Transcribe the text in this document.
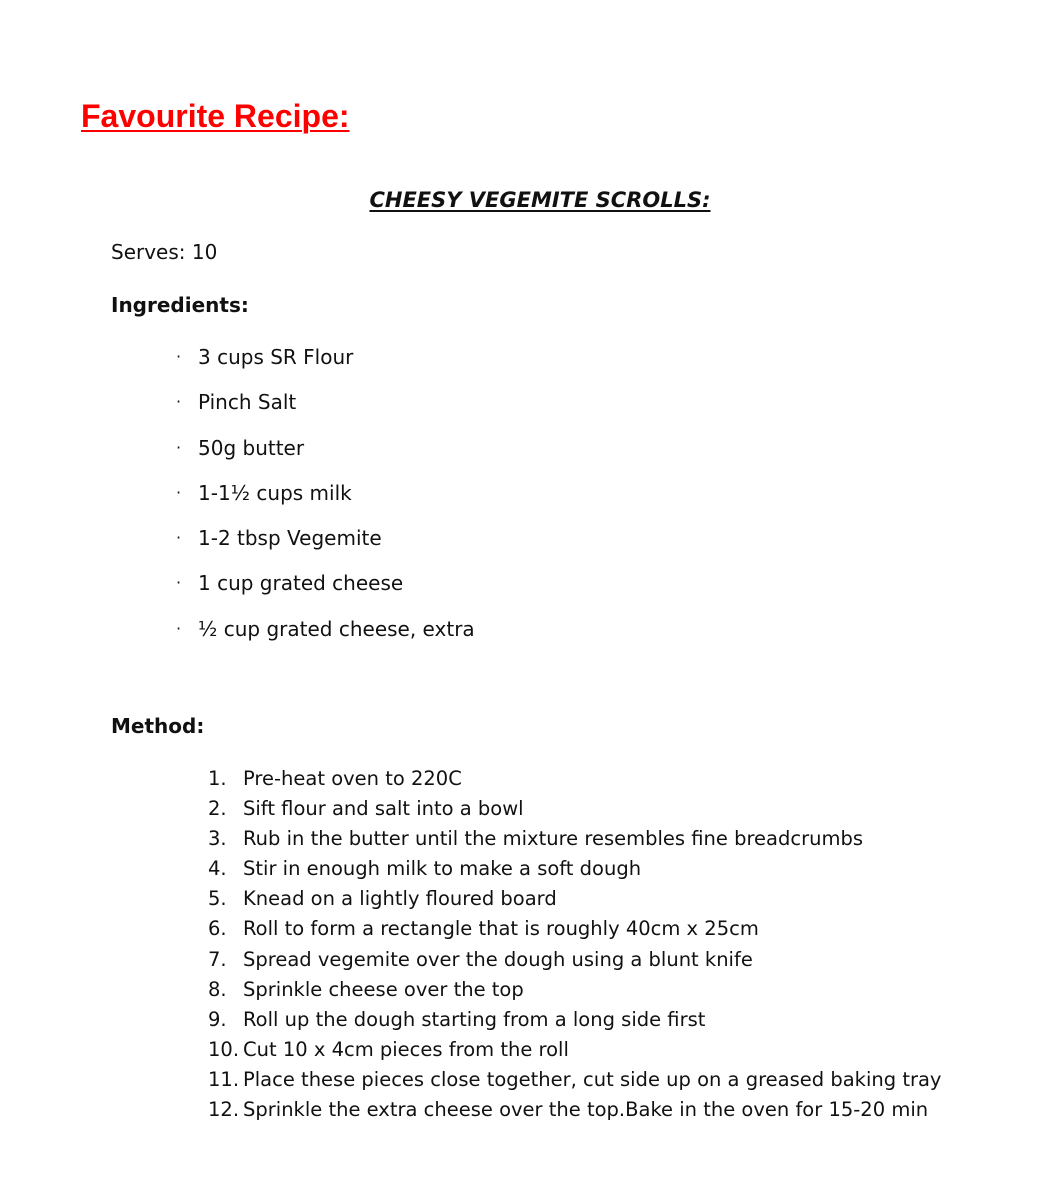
Favourite Recipe:
CHEESY VEGEMITE SCROLLS:
Serves: 10
Ingredients:
· 3 cups SR Flour
· Pinch Salt
· 50g butter
· 1-1½ cups milk
· 1-2 tbsp Vegemite
· 1 cup grated cheese
· ½ cup grated cheese, extra
Method:
1. Pre-heat oven to 220C
2. Sift flour and salt into a bowl
3. Rub in the butter until the mixture resembles fine breadcrumbs
4. Stir in enough milk to make a soft dough
5. Knead on a lightly floured board
6. Roll to form a rectangle that is roughly 40cm x 25cm
7. Spread vegemite over the dough using a blunt knife
8. Sprinkle cheese over the top
9. Roll up the dough starting from a long side first
10. Cut 10 x 4cm pieces from the roll
11. Place these pieces close together, cut side up on a greased baking tray
12. Sprinkle the extra cheese over the top.Bake in the oven for 15-20 min
